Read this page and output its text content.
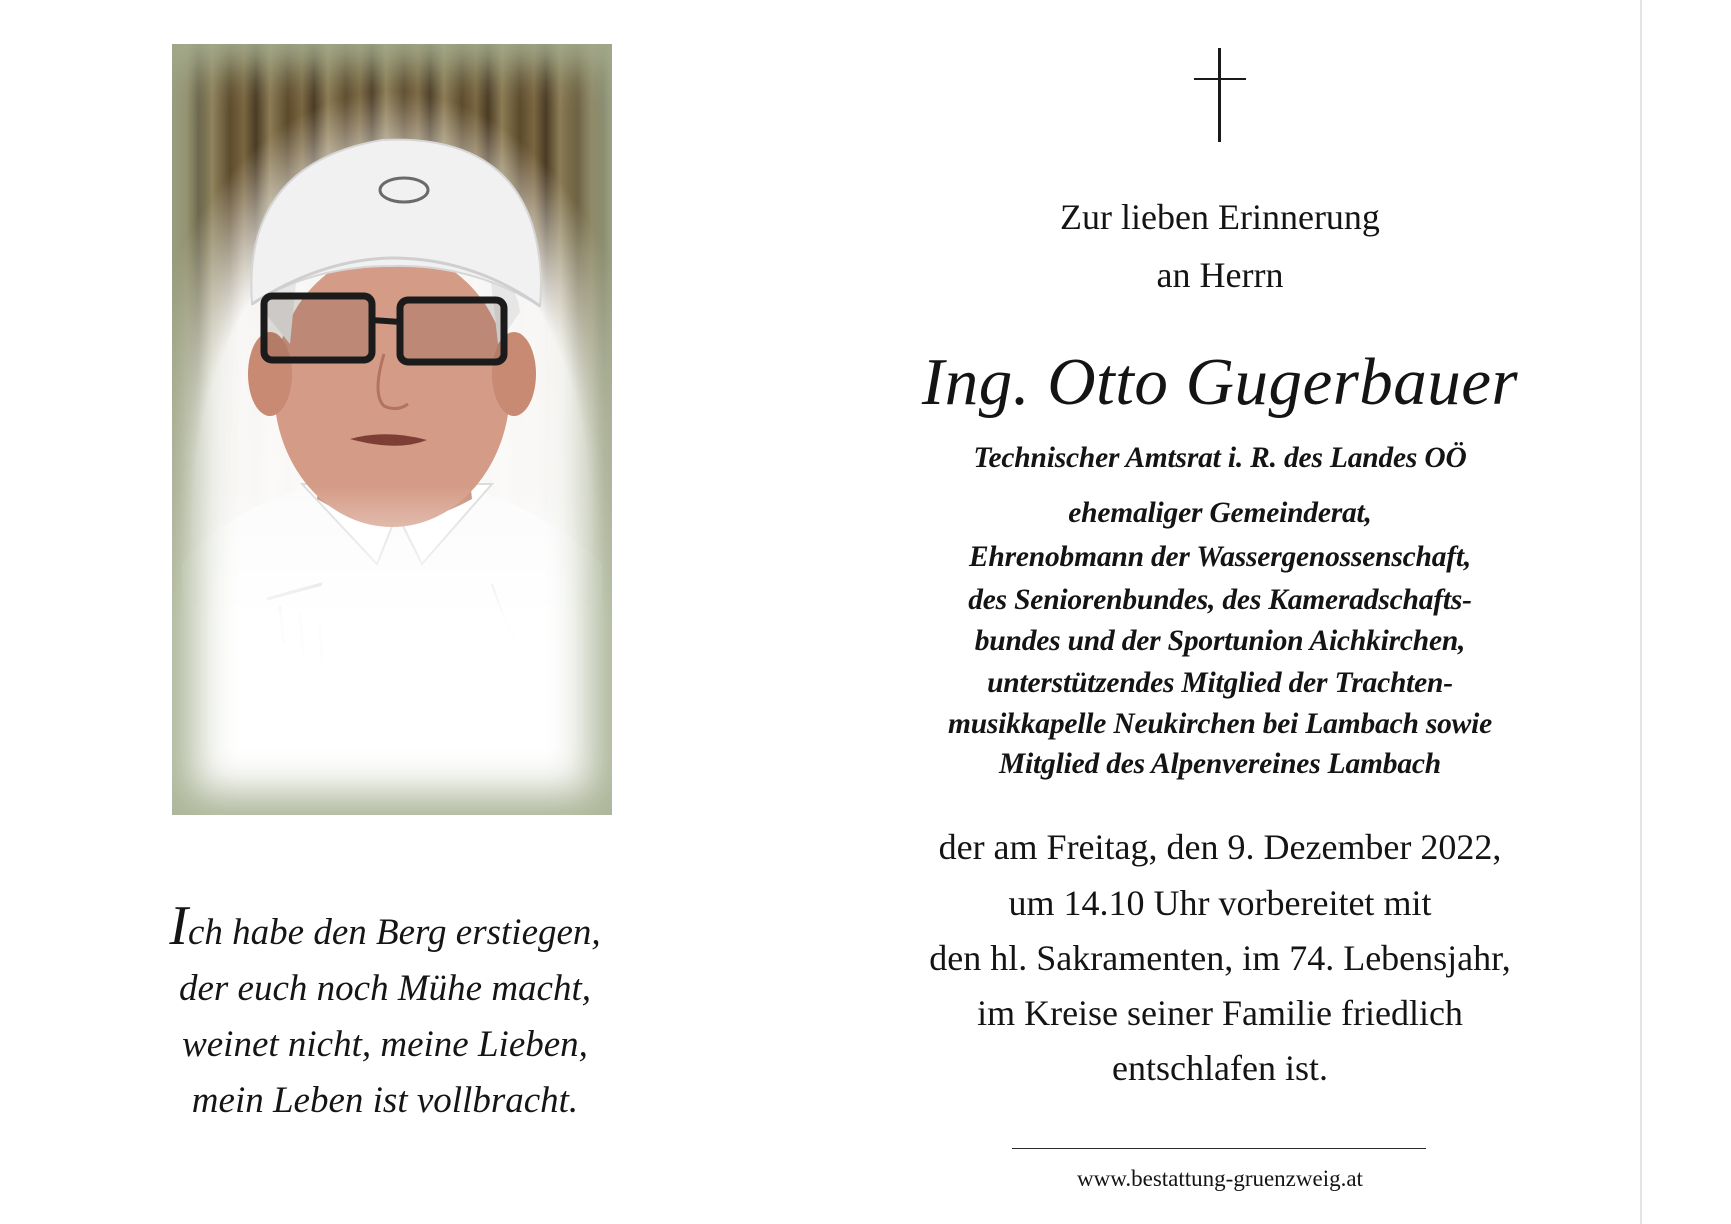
Ich habe den Berg erstiegen,
der euch noch Mühe macht,
weinet nicht, meine Lieben,
mein Leben ist vollbracht.
Zur lieben Erinnerung
an Herrn
Ing. Otto Gugerbauer
Technischer Amtsrat i. R. des Landes OÖ
ehemaliger Gemeinderat,
Ehrenobmann der Wassergenossenschaft,
des Seniorenbundes, des Kameradschafts-
bundes und der Sportunion Aichkirchen,
unterstützendes Mitglied der Trachten-
musikkapelle Neukirchen bei Lambach sowie
Mitglied des Alpenvereines Lambach
der am Freitag, den 9. Dezember 2022,
um 14.10 Uhr vorbereitet mit
den hl. Sakramenten, im 74. Lebensjahr,
im Kreise seiner Familie friedlich
entschlafen ist.
www.bestattung-gruenzweig.at
